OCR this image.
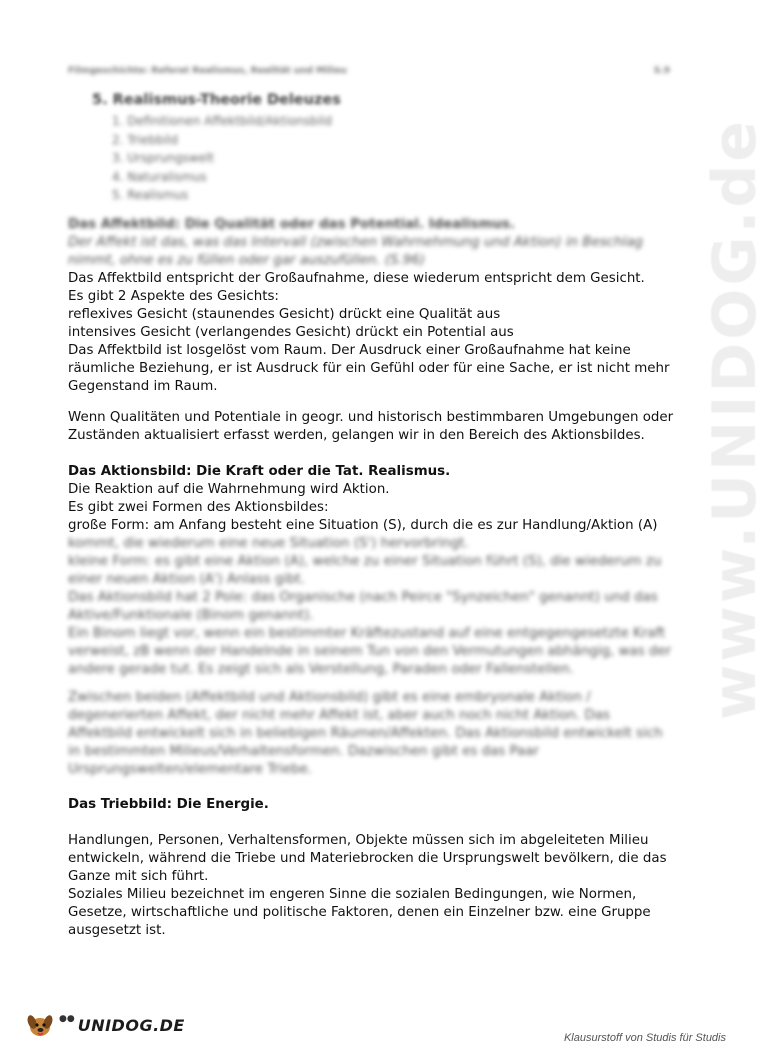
www.UNIDOG.de
Filmgeschichte: Referat Realismus, Realität und Milieu	S.9
5. Realismus-Theorie Deleuzes
1. Definitionen Affektbild/Aktionsbild
2. Triebbild
3. Ursprungswelt
4. Naturalismus
5. Realismus

Das Affektbild: Die Qualität oder das Potential. Idealismus.

Der Affekt ist das, was das Intervall (zwischen Wahrnehmung und Aktion) in Beschlag

nimmt, ohne es zu füllen oder gar auszufüllen. (S.96)

Das Affektbild entspricht der Großaufnahme, diese wiederum entspricht dem Gesicht.

Es gibt 2 Aspekte des Gesichts:

reflexives Gesicht (staunendes Gesicht) drückt eine Qualität aus

intensives Gesicht (verlangendes Gesicht) drückt ein Potential aus

Das Affektbild ist losgelöst vom Raum. Der Ausdruck einer Großaufnahme hat keine

räumliche Beziehung, er ist Ausdruck für ein Gefühl oder für eine Sache, er ist nicht mehr

Gegenstand im Raum.

Wenn Qualitäten und Potentiale in geogr. und historisch bestimmbaren Umgebungen oder

Zuständen aktualisiert erfasst werden, gelangen wir in den Bereich des Aktionsbildes.

Das Aktionsbild: Die Kraft oder die Tat. Realismus.

Die Reaktion auf die Wahrnehmung wird Aktion.

Es gibt zwei Formen des Aktionsbildes:

große Form: am Anfang besteht eine Situation (S), durch die es zur Handlung/Aktion (A)

kommt, die wiederum eine neue Situation (S') hervorbringt.

kleine Form: es gibt eine Aktion (A), welche zu einer Situation führt (S), die wiederum zu

einer neuen Aktion (A') Anlass gibt.

Das Aktionsbild hat 2 Pole: das Organische (nach Peirce "Synzeichen" genannt) und das

Aktive/Funktionale (Binom genannt).

Ein Binom liegt vor, wenn ein bestimmter Kräftezustand auf eine entgegengesetzte Kraft

verweist, zB wenn der Handelnde in seinem Tun von den Vermutungen abhängig, was der

andere gerade tut. Es zeigt sich als Verstellung, Paraden oder Fallenstellen.

Zwischen beiden (Affektbild und Aktionsbild) gibt es eine embryonale Aktion /

degenerierten Affekt, der nicht mehr Affekt ist, aber auch noch nicht Aktion. Das

Affektbild entwickelt sich in beliebigen Räumen/Affekten. Das Aktionsbild entwickelt sich

in bestimmten Milieus/Verhaltensformen. Dazwischen gibt es das Paar

Ursprungswelten/elementare Triebe.

Das Triebbild: Die Energie.

Handlungen, Personen, Verhaltensformen, Objekte müssen sich im abgeleiteten Milieu

entwickeln, während die Triebe und Materiebrocken die Ursprungswelt bevölkern, die das

Ganze mit sich führt.

Soziales Milieu bezeichnet im engeren Sinne die sozialen Bedingungen, wie Normen,

Gesetze, wirtschaftliche und politische Faktoren, denen ein Einzelner bzw. eine Gruppe

ausgesetzt ist.

●● UNIDOG.DE
Klausurstoff von Studis für Studis
